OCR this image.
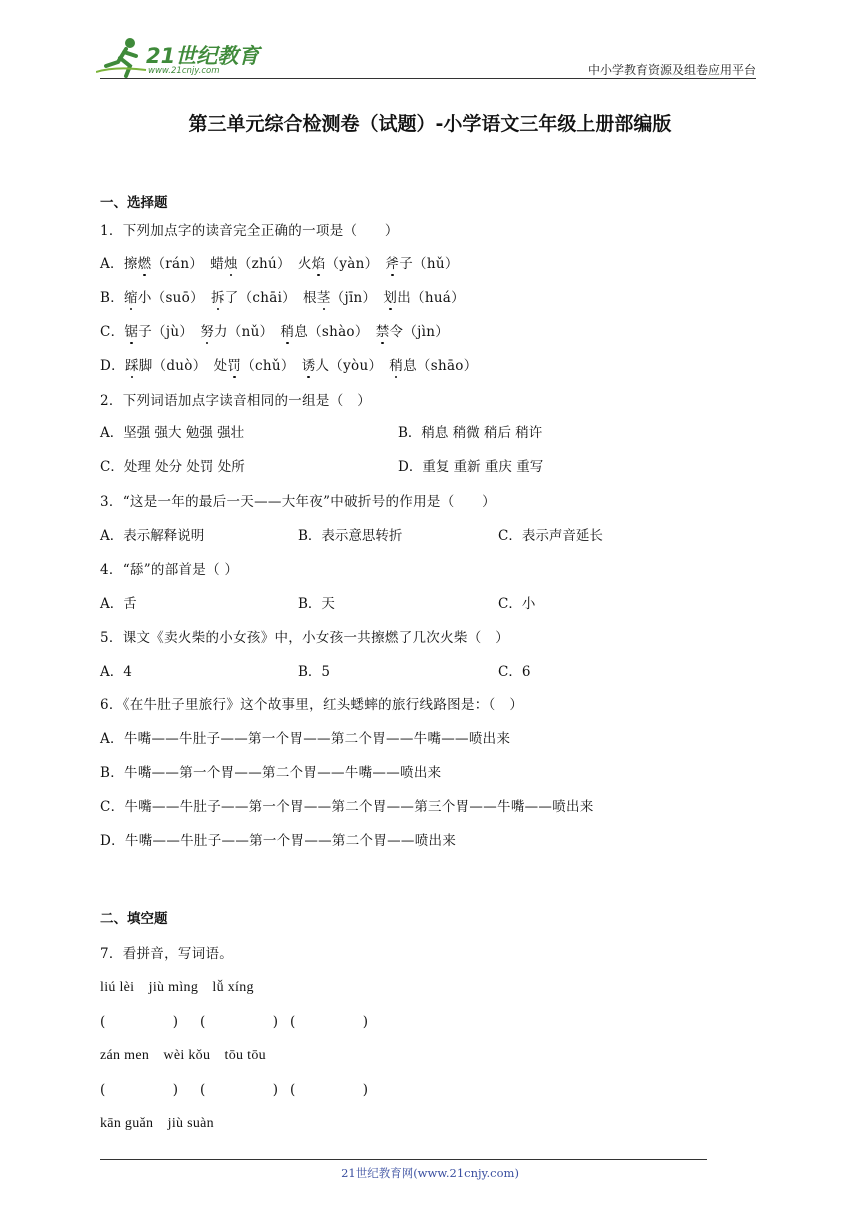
21世纪教育
www.21cnjy.com	中小学教育资源及组卷应用平台
第三单元综合检测卷（试题）-小学语文三年级上册部编版
一、选择题
1．下列加点字的读音完全正确的一项是（　　）
A．擦燃（rán）　蜡烛（zhú）　火焰（yàn）　斧子（hǔ）
B．缩小（suō）　拆了（chāi）　根茎（jīn）　划出（huá）
C．锯子（jù）　努力（nǔ）　稍息（shào）　禁令（jìn）
D．踩脚（duò）　处罚（chǔ）　诱人（yòu）　稍息（shāo）
2．下列词语加点字读音相同的一组是（　）
A．坚强 强大 勉强 强壮	B．稍息 稍微 稍后 稍许
C．处理 处分 处罚 处所	D．重复 重新 重庆 重写
3．“这是一年的最后一天——大年夜”中破折号的作用是（　　）
A．表示解释说明	B．表示意思转折	C．表示声音延长
4．“舔”的部首是（ ）
A．舌	B．天	C．小
5．课文《卖火柴的小女孩》中，小女孩一共擦燃了几次火柴（　）
A．4	B．5	C．6
6．《在牛肚子里旅行》这个故事里，红头蟋蟀的旅行线路图是：（　）
A．牛嘴——牛肚子——第一个胃——第二个胃——牛嘴——喷出来
B．牛嘴——第一个胃——第二个胃——牛嘴——喷出来
C．牛嘴——牛肚子——第一个胃——第二个胃——第三个胃——牛嘴——喷出来
D．牛嘴——牛肚子——第一个胃——第二个胃——喷出来
二、填空题
7．看拼音，写词语。
liú lèi　jiù mìng　lǚ xíng
(　　　　　) (　　　　　) (　　　　　)
zán men　wèi kǒu　tōu tōu
(　　　　　) (　　　　　) (　　　　　)
kān guǎn　jiù suàn
21世纪教育网(www.21cnjy.com)
